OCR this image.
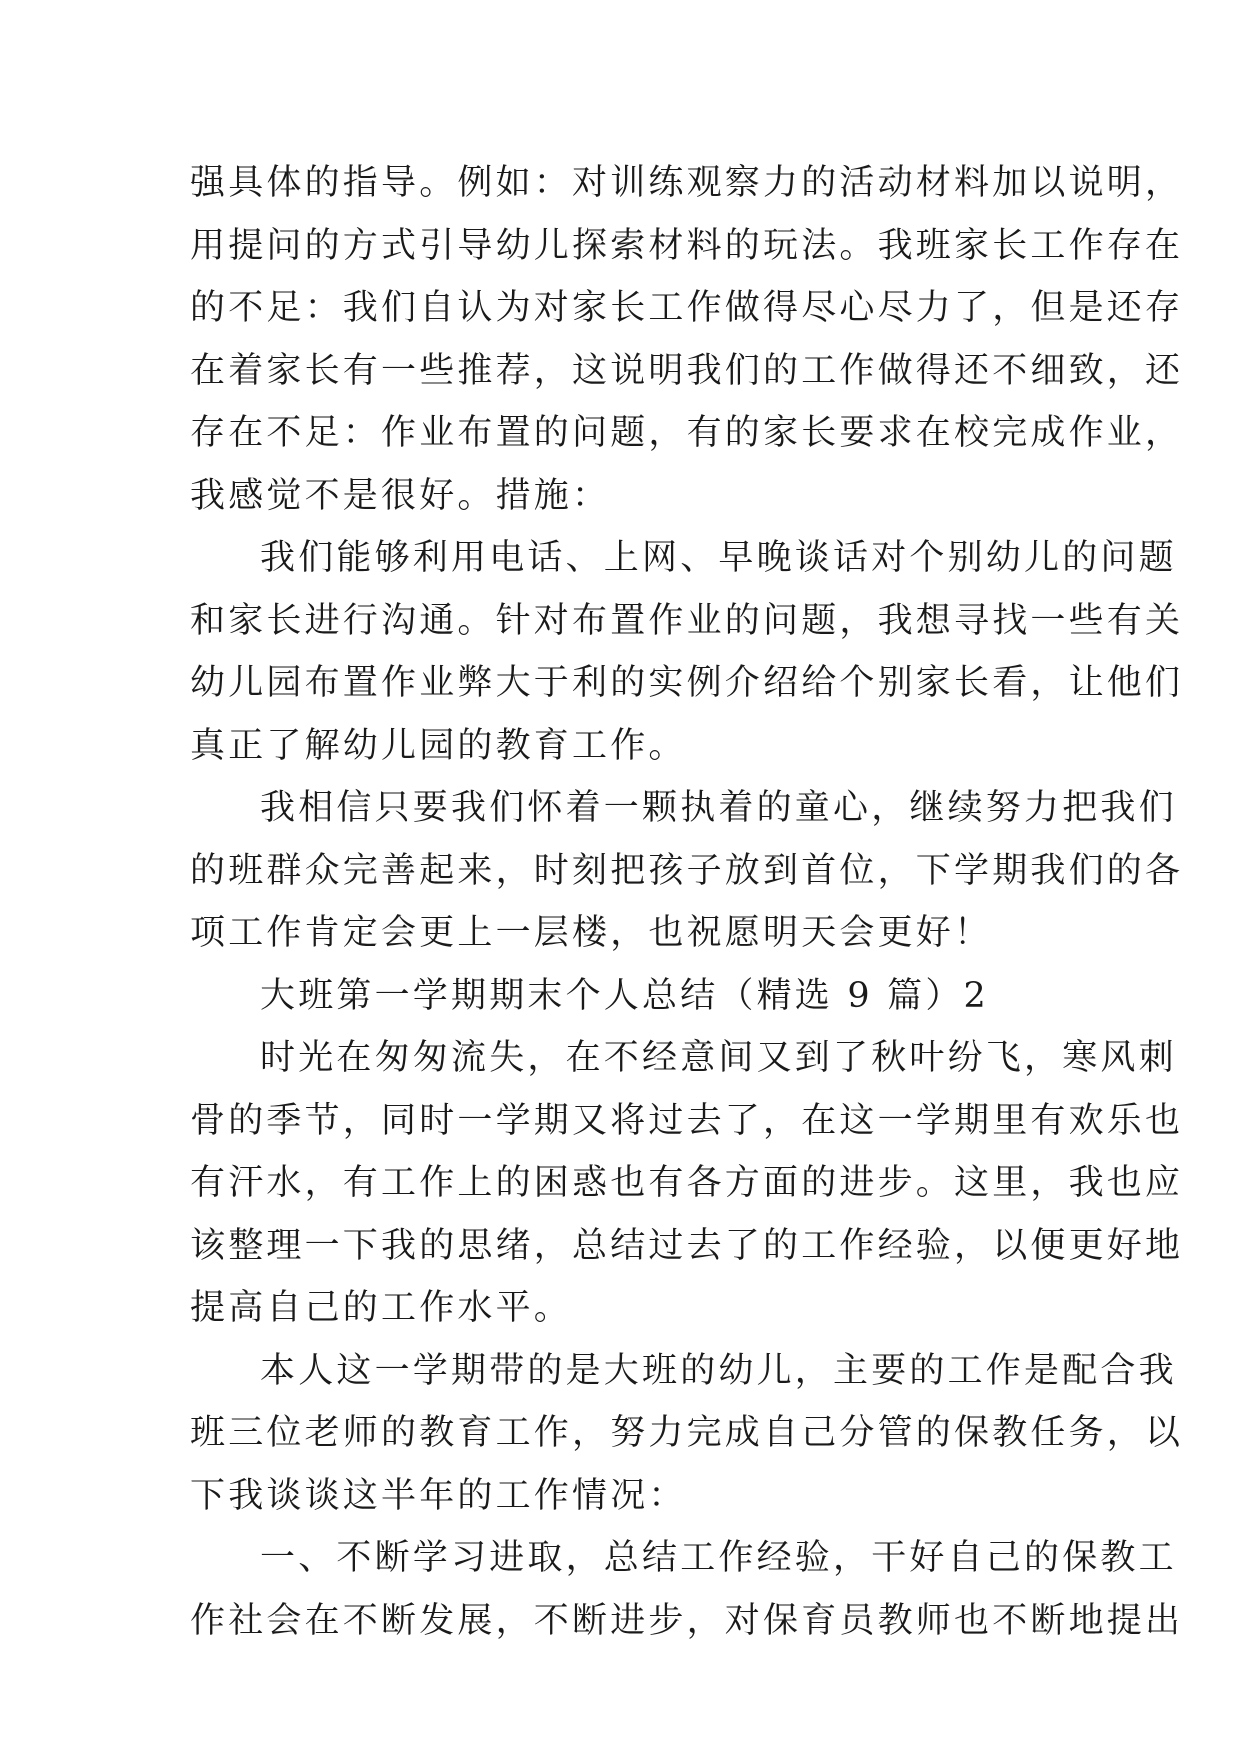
强具体的指导。例如：对训练观察力的活动材料加以说明，
用提问的方式引导幼儿探索材料的玩法。我班家长工作存在
的不足：我们自认为对家长工作做得尽心尽力了，但是还存
在着家长有一些推荐，这说明我们的工作做得还不细致，还
存在不足：作业布置的问题，有的家长要求在校完成作业，
我感觉不是很好。措施：
我们能够利用电话、上网、早晚谈话对个别幼儿的问题
和家长进行沟通。针对布置作业的问题，我想寻找一些有关
幼儿园布置作业弊大于利的实例介绍给个别家长看，让他们
真正了解幼儿园的教育工作。
我相信只要我们怀着一颗执着的童心，继续努力把我们
的班群众完善起来，时刻把孩子放到首位，下学期我们的各
项工作肯定会更上一层楼，也祝愿明天会更好！
大班第一学期期末个人总结（精选 9 篇）2
时光在匆匆流失，在不经意间又到了秋叶纷飞，寒风刺
骨的季节，同时一学期又将过去了，在这一学期里有欢乐也
有汗水，有工作上的困惑也有各方面的进步。这里，我也应
该整理一下我的思绪，总结过去了的工作经验，以便更好地
提高自己的工作水平。
本人这一学期带的是大班的幼儿，主要的工作是配合我
班三位老师的教育工作，努力完成自己分管的保教任务，以
下我谈谈这半年的工作情况：
一、不断学习进取，总结工作经验，干好自己的保教工
作社会在不断发展，不断进步，对保育员教师也不断地提出
